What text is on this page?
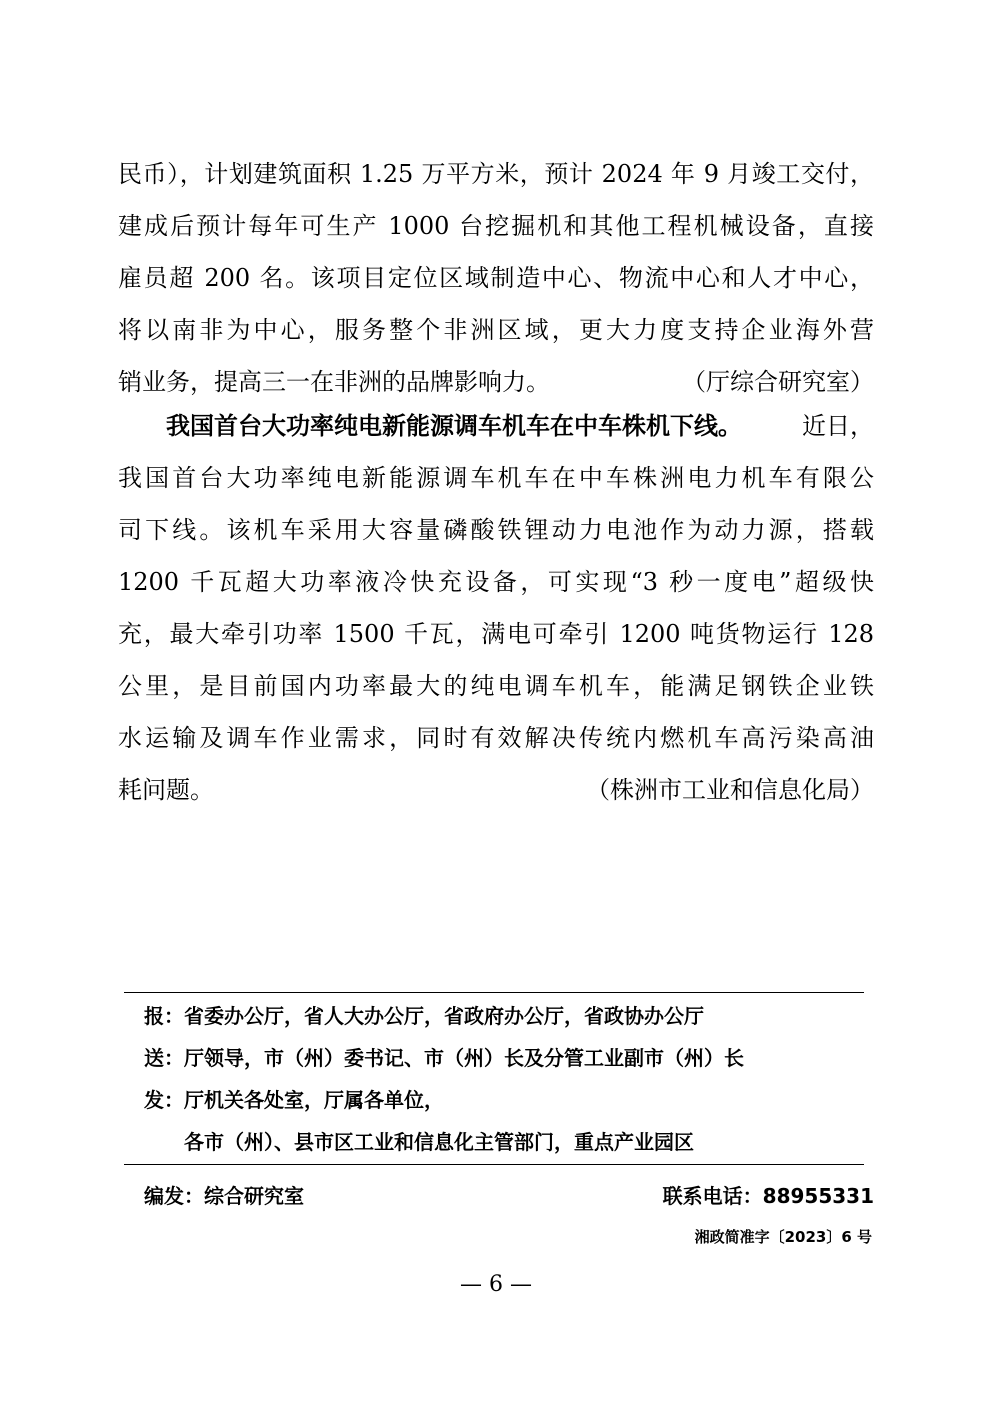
民币），计划建筑面积 1.25 万平方米，预计 2024 年 9 月竣工交付，
建成后预计每年可生产 1000 台挖掘机和其他工程机械设备，直接
雇员超 200 名。该项目定位区域制造中心、物流中心和人才中心，
将以南非为中心，服务整个非洲区域，更大力度支持企业海外营
销业务，提高三一在非洲的品牌影响力。	（厅综合研究室）
我国首台大功率纯电新能源调车机车在中车株机下线。	近日，
我国首台大功率纯电新能源调车机车在中车株洲电力机车有限公
司下线。该机车采用大容量磷酸铁锂动力电池作为动力源，搭载
1200 千瓦超大功率液冷快充设备，可实现“3 秒一度电”超级快
充，最大牵引功率 1500 千瓦，满电可牵引 1200 吨货物运行 128
公里，是目前国内功率最大的纯电调车机车，能满足钢铁企业铁
水运输及调车作业需求，同时有效解决传统内燃机车高污染高油
耗问题。	（株洲市工业和信息化局）
报：省委办公厅，省人大办公厅，省政府办公厅，省政协办公厅
送：厅领导，市（州）委书记、市（州）长及分管工业副市（州）长
发：厅机关各处室，厅属各单位，
各市（州）、县市区工业和信息化主管部门，重点产业园区
编发：综合研究室	联系电话：88955331
湘政简准字〔2023〕6 号
— 6 —
